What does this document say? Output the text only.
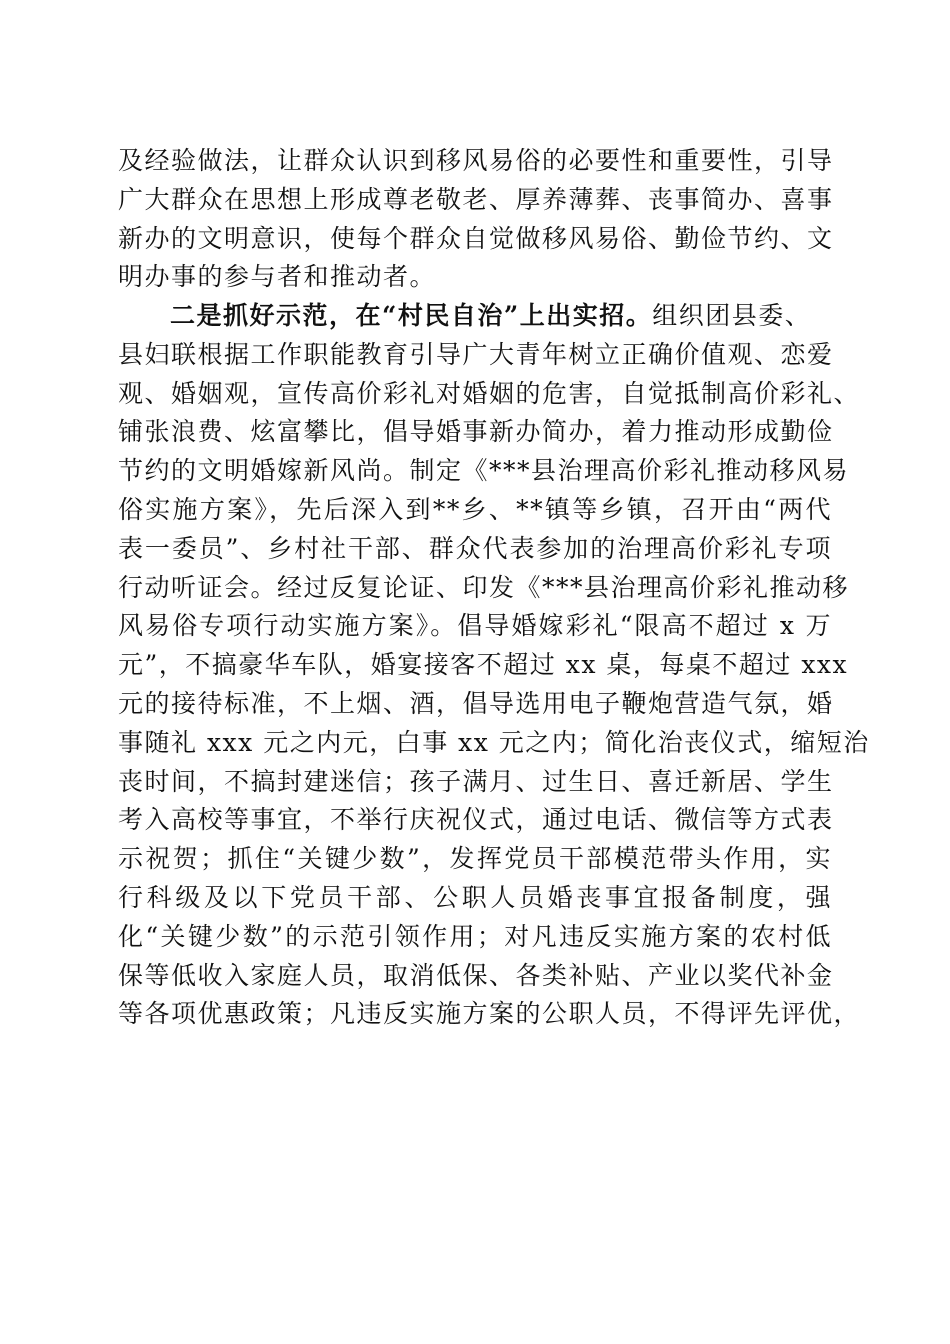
及经验做法，让群众认识到移风易俗的必要性和重要性，引导
广大群众在思想上形成尊老敬老、厚养薄葬、丧事简办、喜事
新办的文明意识，使每个群众自觉做移风易俗、勤俭节约、文
明办事的参与者和推动者。
二是抓好示范，在“村民自治”上出实招。组织团县委、
县妇联根据工作职能教育引导广大青年树立正确价值观、恋爱
观、婚姻观，宣传高价彩礼对婚姻的危害，自觉抵制高价彩礼、
铺张浪费、炫富攀比，倡导婚事新办简办，着力推动形成勤俭
节约的文明婚嫁新风尚。制定《***县治理高价彩礼推动移风易
俗实施方案》，先后深入到**乡、**镇等乡镇，召开由“两代
表一委员”、乡村社干部、群众代表参加的治理高价彩礼专项
行动听证会。经过反复论证、印发《***县治理高价彩礼推动移
风易俗专项行动实施方案》。倡导婚嫁彩礼“限高不超过 x 万
元”，不搞豪华车队，婚宴接客不超过 xx 桌，每桌不超过 xxx
元的接待标准，不上烟、酒，倡导选用电子鞭炮营造气氛，婚
事随礼 xxx 元之内元，白事 xx 元之内；简化治丧仪式，缩短治
丧时间，不搞封建迷信；孩子满月、过生日、喜迁新居、学生
考入高校等事宜，不举行庆祝仪式，通过电话、微信等方式表
示祝贺；抓住“关键少数”，发挥党员干部模范带头作用，实
行科级及以下党员干部、公职人员婚丧事宜报备制度，强
化“关键少数”的示范引领作用；对凡违反实施方案的农村低
保等低收入家庭人员，取消低保、各类补贴、产业以奖代补金
等各项优惠政策；凡违反实施方案的公职人员，不得评先评优，
